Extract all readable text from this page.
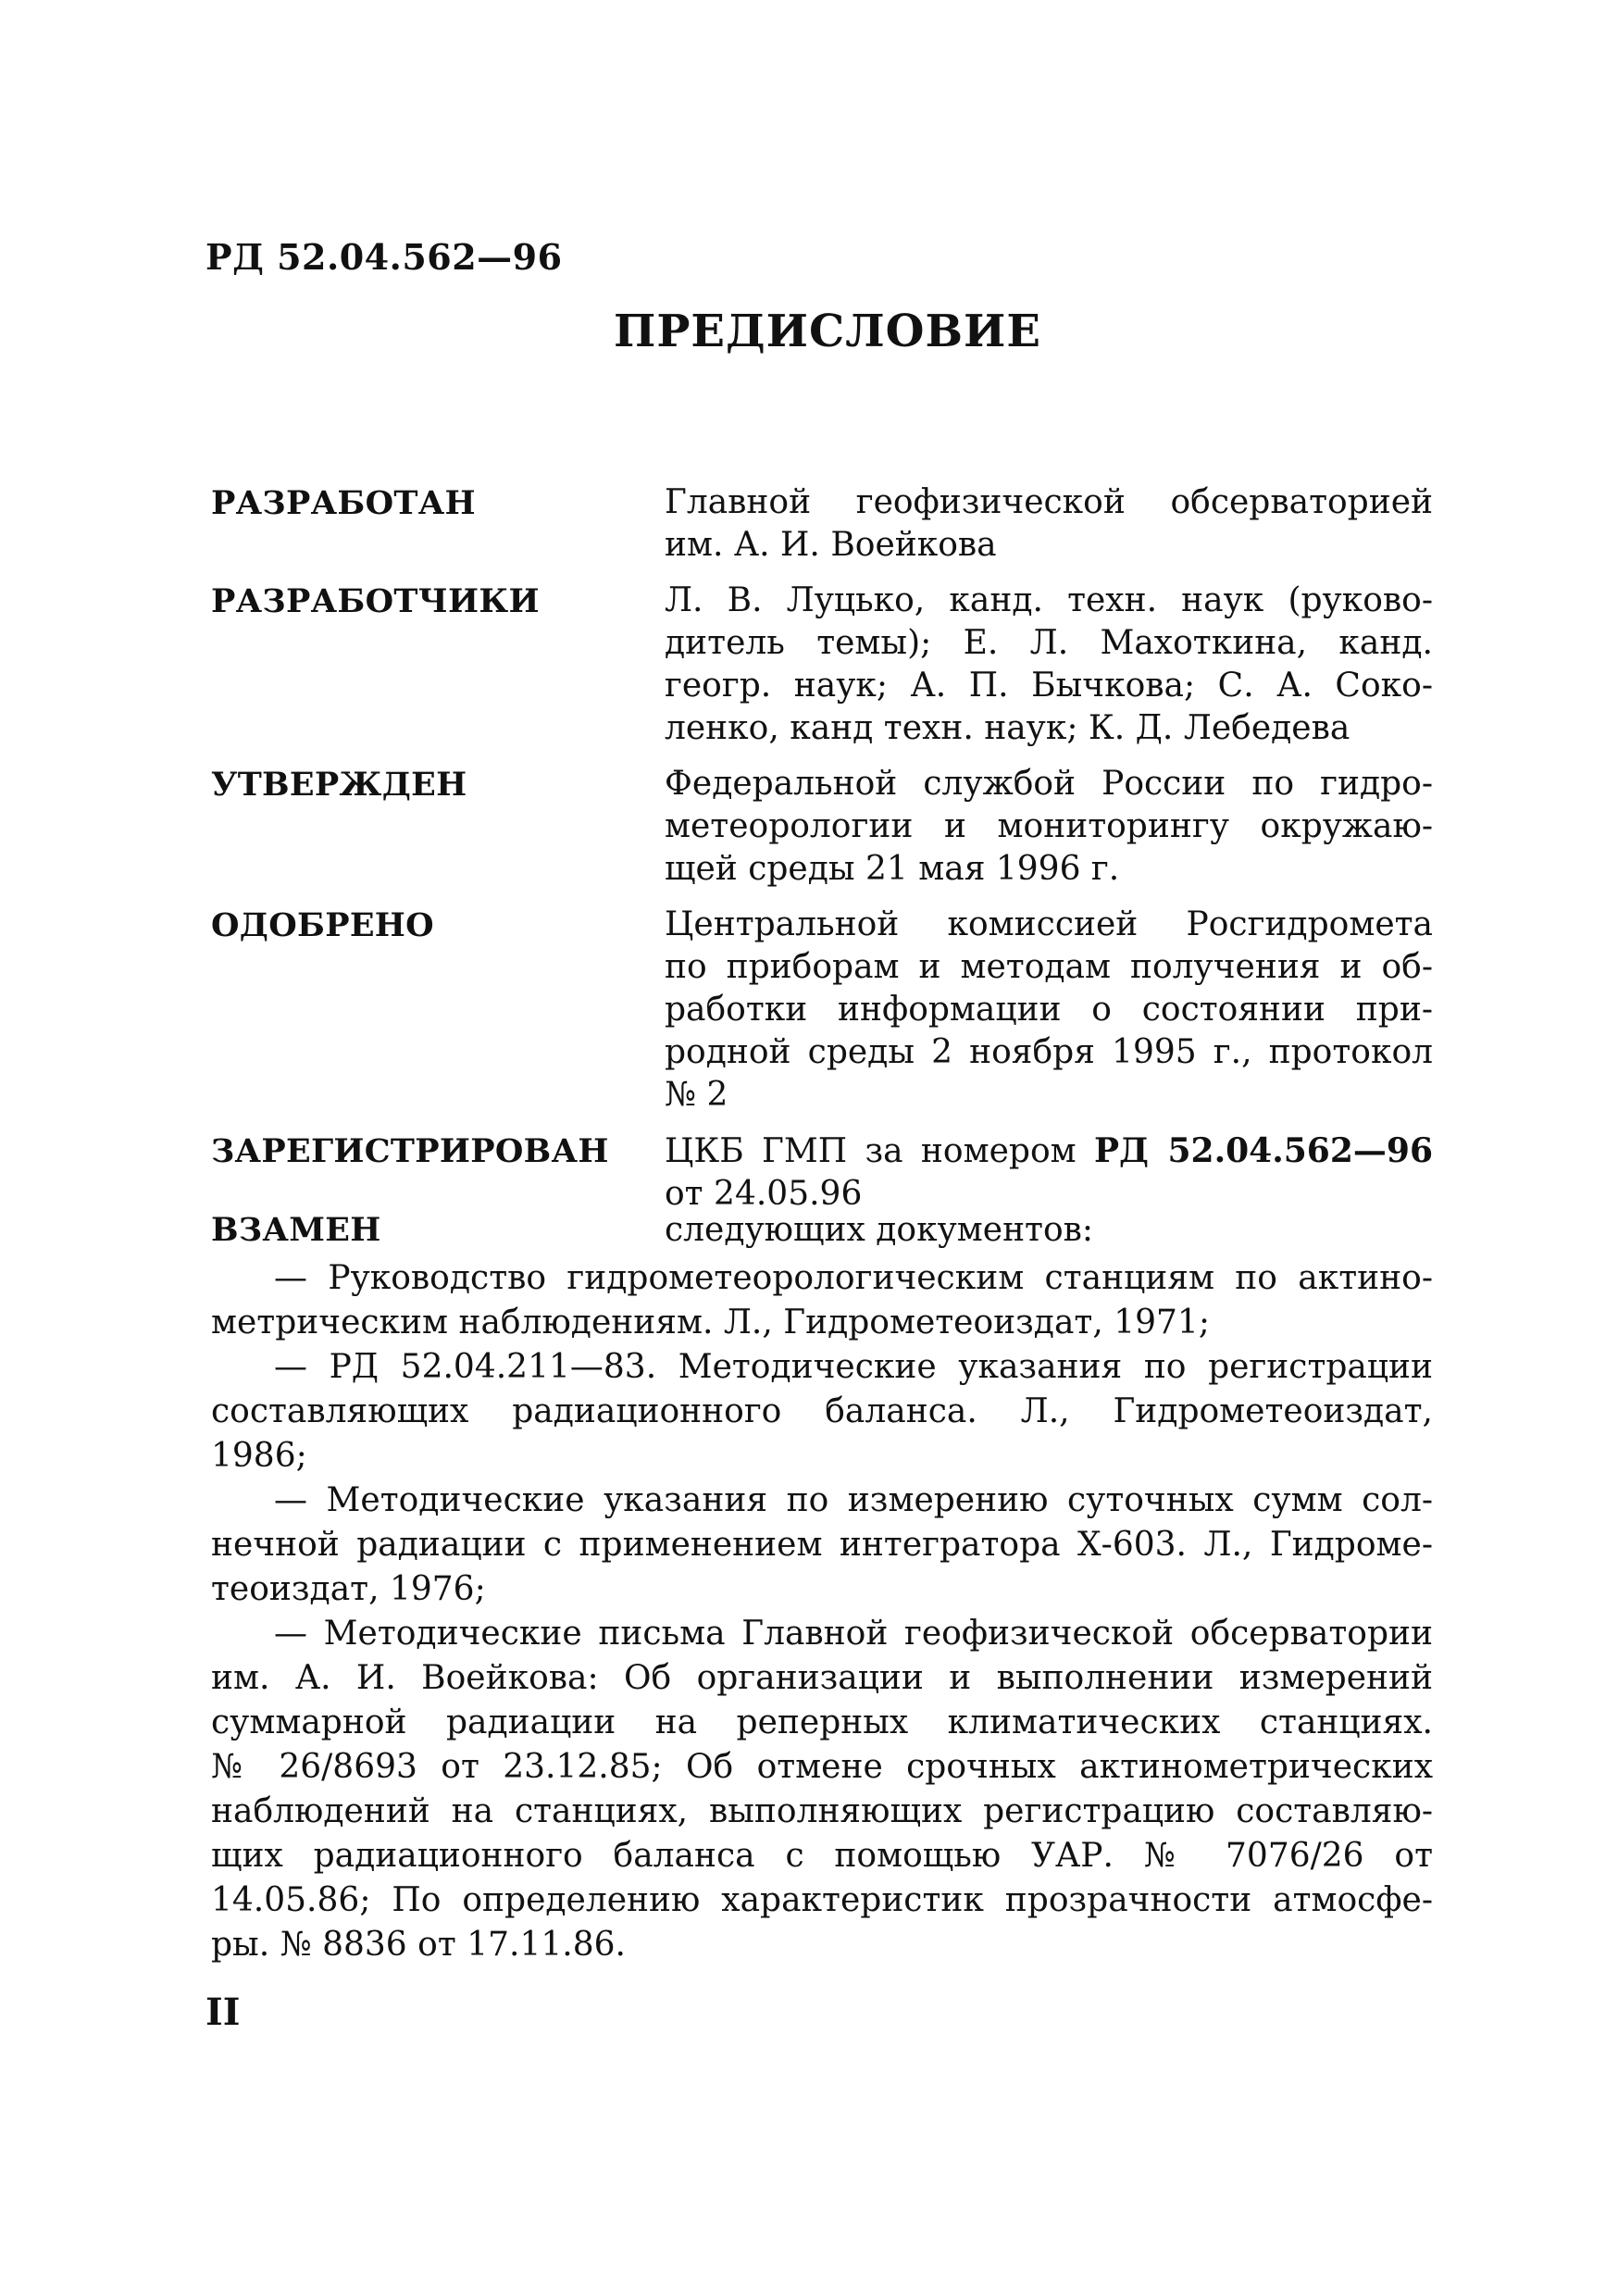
РД 52.04.562—96
ПРЕДИСЛОВИЕ
РАЗРАБОТАН	Главной геофизической обсерваторией
им. А. И. Воейкова
РАЗРАБОТЧИКИ	Л. В. Луцько, канд. техн. наук (руково-
дитель темы); Е. Л. Махоткина, канд.
геогр. наук; А. П. Бычкова; С. А. Соко-
ленко, канд техн. наук; К. Д. Лебедева
УТВЕРЖДЕН	Федеральной службой России по гидро-
метеорологии и мониторингу окружаю-
щей среды 21 мая 1996 г.
ОДОБРЕНО	Центральной комиссией Росгидромета
по приборам и методам получения и об-
работки информации о состоянии при-
родной среды 2 ноября 1995 г., протокол
№ 2
ЗАРЕГИСТРИРОВАН	ЦКБ ГМП за номером РД 52.04.562—96
от 24.05.96
ВЗАМЕН	следующих документов:

— Руководство гидрометеорологическим станциям по актино-
метрическим наблюдениям. Л., Гидрометеоиздат, 1971;

— РД 52.04.211—83. Методические указания по регистрации
составляющих радиационного баланса. Л., Гидрометеоиздат,
1986;

— Методические указания по измерению суточных сумм сол-
нечной радиации с применением интегратора Х-603. Л., Гидроме-
теоиздат, 1976;

— Методические письма Главной геофизической обсерватории
им. А. И. Воейкова: Об организации и выполнении измерений
суммарной радиации на реперных климатических станциях.
№ 26/8693 от 23.12.85; Об отмене срочных актинометрических
наблюдений на станциях, выполняющих регистрацию составляю-
щих радиационного баланса с помощью УАР. № 7076/26 от
14.05.86; По определению характеристик прозрачности атмосфе-
ры. № 8836 от 17.11.86.

II
